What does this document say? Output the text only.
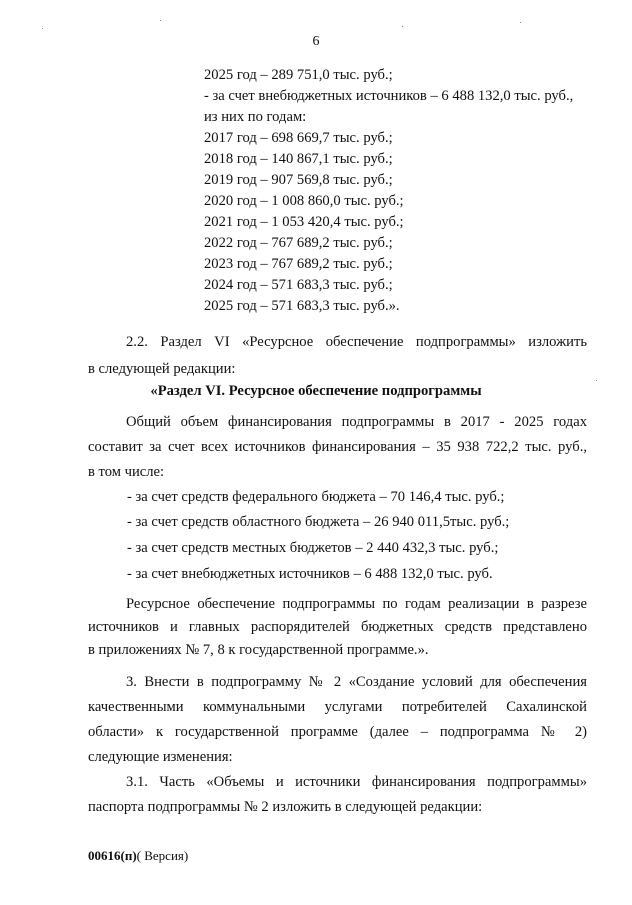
6
2025 год – 289 751,0 тыс. руб.;
- за счет внебюджетных источников – 6 488 132,0 тыс. руб.,
из них по годам:
2017 год – 698 669,7 тыс. руб.;
2018 год – 140 867,1 тыс. руб.;
2019 год – 907 569,8 тыс. руб.;
2020 год – 1 008 860,0 тыс. руб.;
2021 год – 1 053 420,4 тыс. руб.;
2022 год – 767 689,2 тыс. руб.;
2023 год – 767 689,2 тыс. руб.;
2024 год – 571 683,3 тыс. руб.;
2025 год – 571 683,3 тыс. руб.».
2.2. Раздел VI «Ресурсное обеспечение подпрограммы» изложить
в следующей редакции:
«Раздел VI. Ресурсное обеспечение подпрограммы
Общий объем финансирования подпрограммы в 2017 - 2025 годах
составит за счет всех источников финансирования – 35 938 722,2 тыс. руб.,
в том числе:
- за счет средств федерального бюджета – 70 146,4 тыс. руб.;
- за счет средств областного бюджета – 26 940 011,5тыс. руб.;
- за счет средств местных бюджетов – 2 440 432,3 тыс. руб.;
- за счет внебюджетных источников – 6 488 132,0 тыс. руб.
Ресурсное обеспечение подпрограммы по годам реализации в разрезе
источников и главных распорядителей бюджетных средств представлено
в приложениях № 7, 8 к государственной программе.».
3. Внести в подпрограмму № 2 «Создание условий для обеспечения
качественными коммунальными услугами потребителей Сахалинской
области» к государственной программе (далее – подпрограмма № 2)
следующие изменения:
3.1. Часть «Объемы и источники финансирования подпрограммы»
паспорта подпрограммы № 2 изложить в следующей редакции:
00616(п)( Версия)
